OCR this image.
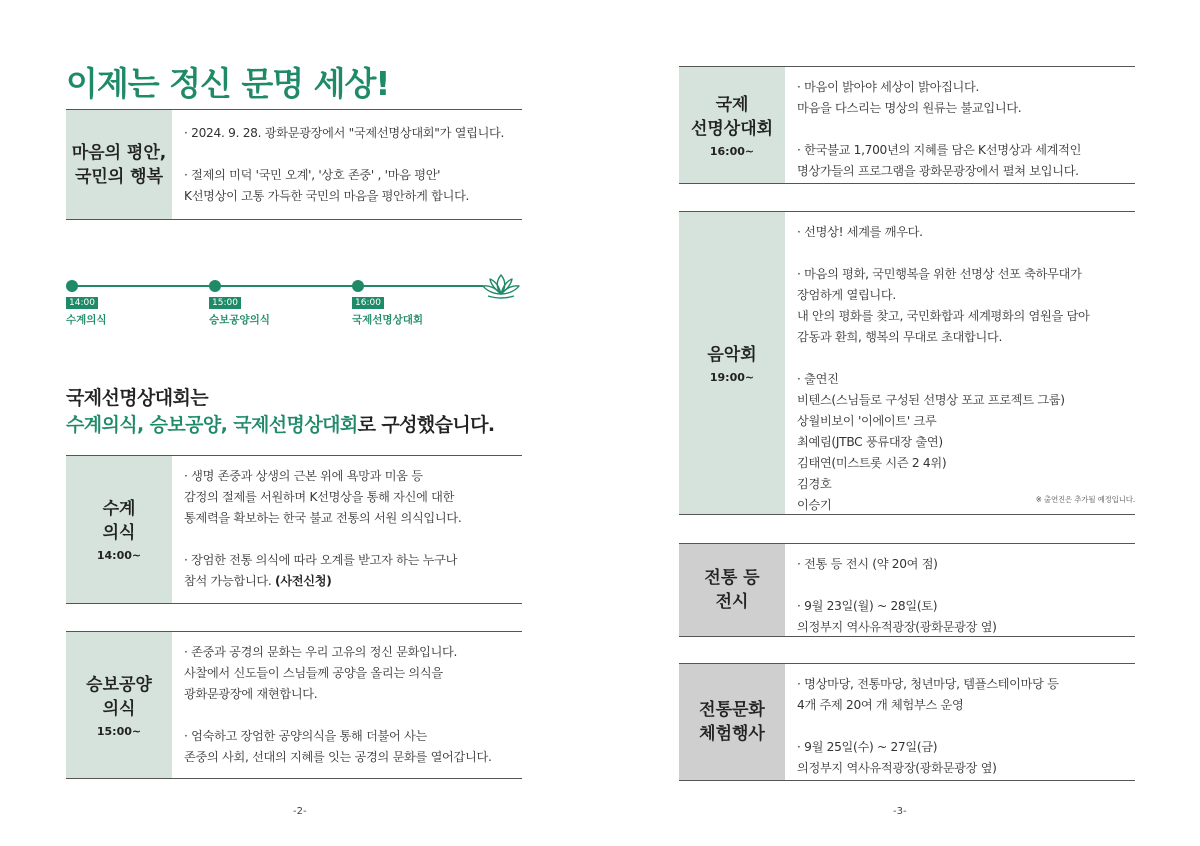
이제는 정신 문명 세상!
마음의 평안,
국민의 행복
· 2024. 9. 28. 광화문광장에서 "국제선명상대회"가 열립니다.
· 절제의 미덕 '국민 오계', '상호 존중' , '마음 평안'
K선명상이 고통 가득한 국민의 마음을 평안하게 합니다.
14:00	15:00	16:00
수계의식	승보공양의식	국제선명상대회
국제선명상대회는
수계의식, 승보공양, 국제선명상대회로 구성했습니다.
수계
의식
14:00~
· 생명 존중과 상생의 근본 위에 욕망과 미움 등
감정의 절제를 서원하며 K선명상을 통해 자신에 대한
통제력을 확보하는 한국 불교 전통의 서원 의식입니다.
· 장엄한 전통 의식에 따라 오계를 받고자 하는 누구나
참석 가능합니다. (사전신청)
승보공양
의식
15:00~
· 존중과 공경의 문화는 우리 고유의 정신 문화입니다.
사찰에서 신도들이 스님들께 공양을 올리는 의식을
광화문광장에 재현합니다.
· 엄숙하고 장엄한 공양의식을 통해 더불어 사는
존중의 사회, 선대의 지혜를 잇는 공경의 문화를 열어갑니다.
-2-
국제
선명상대회
16:00~
· 마음이 밝아야 세상이 밝아집니다.
마음을 다스리는 명상의 원류는 불교입니다.
· 한국불교 1,700년의 지혜를 담은 K선명상과 세계적인
명상가들의 프로그램을 광화문광장에서 펼쳐 보입니다.
음악회
19:00~
· 선명상! 세계를 깨우다.
· 마음의 평화, 국민행복을 위한 선명상 선포 축하무대가
장엄하게 열립니다.
내 안의 평화를 찾고, 국민화합과 세계평화의 염원을 담아
감동과 환희, 행복의 무대로 초대합니다.
· 출연진
비텐스(스님들로 구성된 선명상 포교 프로젝트 그룹)
상월비보이 '이에이트' 크루
최예림(JTBC 풍류대장 출연)
김태연(미스트롯 시즌 2 4위)
김경호
이승기	※ 출연진은 추가될 예정입니다.
전통 등
전시
· 전통 등 전시 (약 20여 점)
· 9월 23일(월) ~ 28일(토)
의정부지 역사유적광장(광화문광장 옆)
전통문화
체험행사
· 명상마당, 전통마당, 청년마당, 템플스테이마당 등
4개 주제 20여 개 체험부스 운영
· 9월 25일(수) ~ 27일(금)
의정부지 역사유적광장(광화문광장 옆)
-3-
